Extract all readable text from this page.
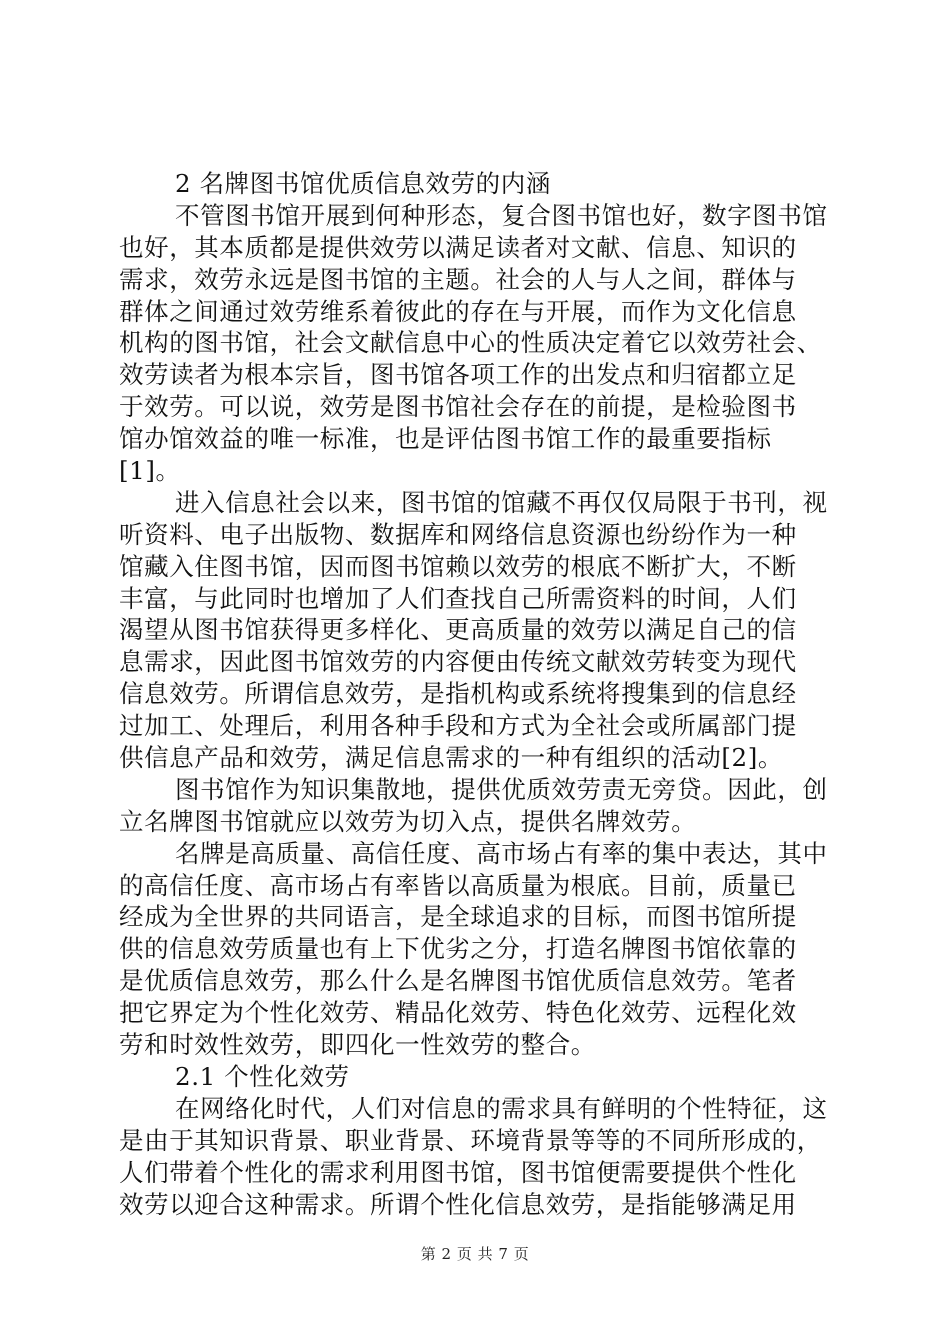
2 名牌图书馆优质信息效劳的内涵
不管图书馆开展到何种形态，复合图书馆也好，数字图书馆
也好，其本质都是提供效劳以满足读者对文献、信息、知识的
需求，效劳永远是图书馆的主题。社会的人与人之间，群体与
群体之间通过效劳维系着彼此的存在与开展，而作为文化信息
机构的图书馆，社会文献信息中心的性质决定着它以效劳社会、
效劳读者为根本宗旨，图书馆各项工作的出发点和归宿都立足
于效劳。可以说，效劳是图书馆社会存在的前提，是检验图书
馆办馆效益的唯一标准，也是评估图书馆工作的最重要指标
[1]。
进入信息社会以来，图书馆的馆藏不再仅仅局限于书刊，视
听资料、电子出版物、数据库和网络信息资源也纷纷作为一种
馆藏入住图书馆，因而图书馆赖以效劳的根底不断扩大，不断
丰富，与此同时也增加了人们查找自己所需资料的时间，人们
渴望从图书馆获得更多样化、更高质量的效劳以满足自己的信
息需求，因此图书馆效劳的内容便由传统文献效劳转变为现代
信息效劳。所谓信息效劳，是指机构或系统将搜集到的信息经
过加工、处理后，利用各种手段和方式为全社会或所属部门提
供信息产品和效劳，满足信息需求的一种有组织的活动[2]。
图书馆作为知识集散地，提供优质效劳责无旁贷。因此，创
立名牌图书馆就应以效劳为切入点，提供名牌效劳。
名牌是高质量、高信任度、高市场占有率的集中表达，其中
的高信任度、高市场占有率皆以高质量为根底。目前，质量已
经成为全世界的共同语言，是全球追求的目标，而图书馆所提
供的信息效劳质量也有上下优劣之分，打造名牌图书馆依靠的
是优质信息效劳，那么什么是名牌图书馆优质信息效劳。笔者
把它界定为个性化效劳、精品化效劳、特色化效劳、远程化效
劳和时效性效劳，即四化一性效劳的整合。
2.1 个性化效劳
在网络化时代，人们对信息的需求具有鲜明的个性特征，这
是由于其知识背景、职业背景、环境背景等等的不同所形成的，
人们带着个性化的需求利用图书馆，图书馆便需要提供个性化
效劳以迎合这种需求。所谓个性化信息效劳，是指能够满足用
第 2 页 共 7 页
